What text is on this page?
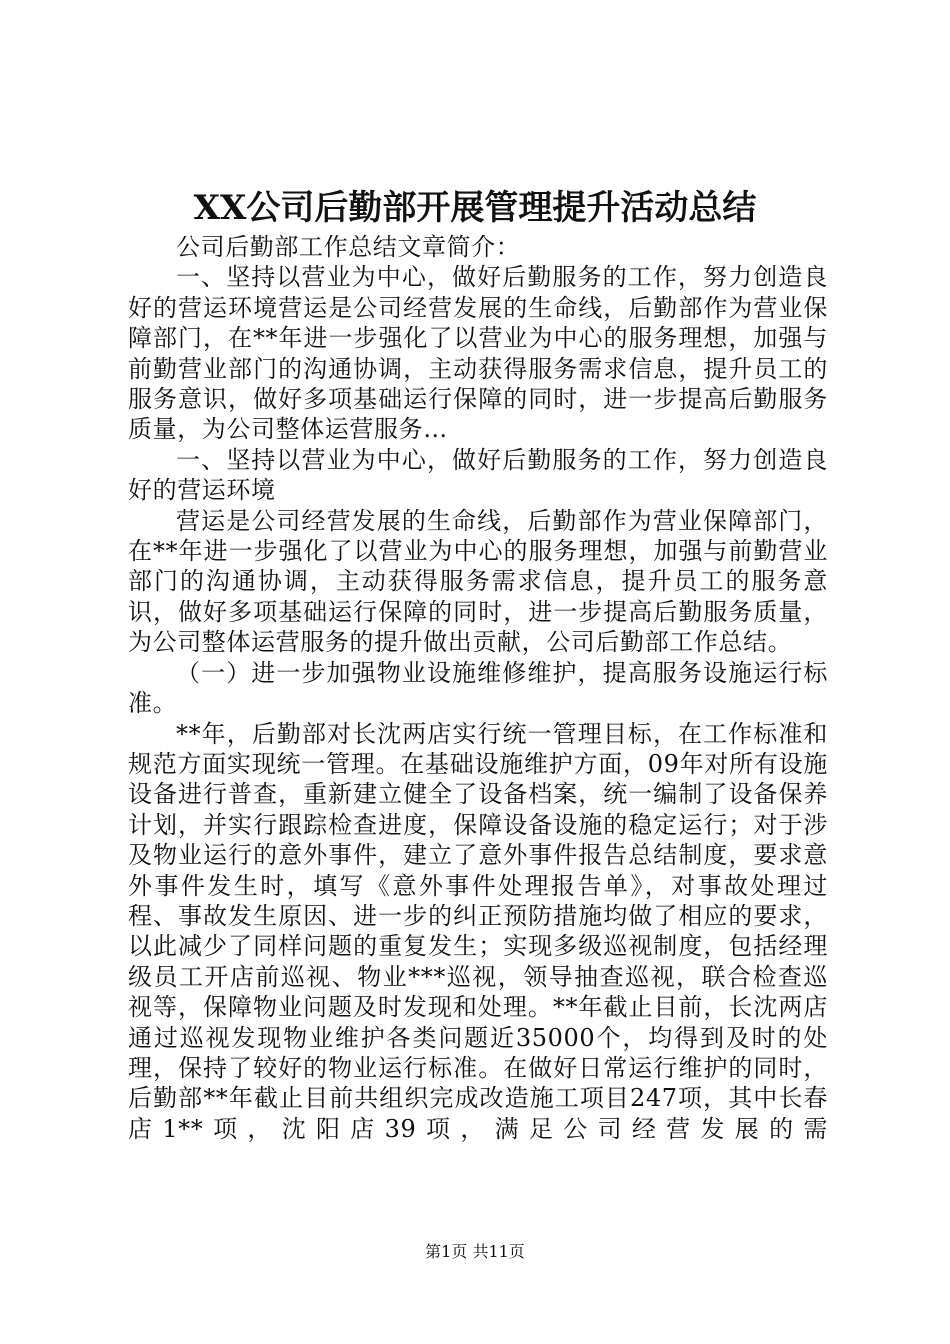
XX公司后勤部开展管理提升活动总结

公司后勤部工作总结文章简介：

一、坚持以营业为中心，做好后勤服务的工作，努力创造良好的营运环境营运是公司经营发展的生命线，后勤部作为营业保障部门，在**年进一步强化了以营业为中心的服务理想，加强与前勤营业部门的沟通协调，主动获得服务需求信息，提升员工的服务意识，做好多项基础运行保障的同时，进一步提高后勤服务质量，为公司整体运营服务…

一、坚持以营业为中心，做好后勤服务的工作，努力创造良好的营运环境

营运是公司经营发展的生命线，后勤部作为营业保障部门，在**年进一步强化了以营业为中心的服务理想，加强与前勤营业部门的沟通协调，主动获得服务需求信息，提升员工的服务意识，做好多项基础运行保障的同时，进一步提高后勤服务质量，为公司整体运营服务的提升做出贡献，公司后勤部工作总结。

（一）进一步加强物业设施维修维护，提高服务设施运行标准。

**年，后勤部对长沈两店实行统一管理目标，在工作标准和规范方面实现统一管理。在基础设施维护方面，09年对所有设施设备进行普查，重新建立健全了设备档案，统一编制了设备保养计划，并实行跟踪检查进度，保障设备设施的稳定运行；对于涉及物业运行的意外事件，建立了意外事件报告总结制度，要求意外事件发生时，填写《意外事件处理报告单》，对事故处理过程、事故发生原因、进一步的纠正预防措施均做了相应的要求，以此减少了同样问题的重复发生；实现多级巡视制度，包括经理级员工开店前巡视、物业***巡视，领导抽查巡视，联合检查巡视等，保障物业问题及时发现和处理。**年截止目前，长沈两店通过巡视发现物业维护各类问题近35000个，均得到及时的处理，保持了较好的物业运行标准。在做好日常运行维护的同时，后勤部**年截止目前共组织完成改造施工项目247项，其中长春店1**项，沈阳店39项，满足公司经营发展的需

第1页 共11页
